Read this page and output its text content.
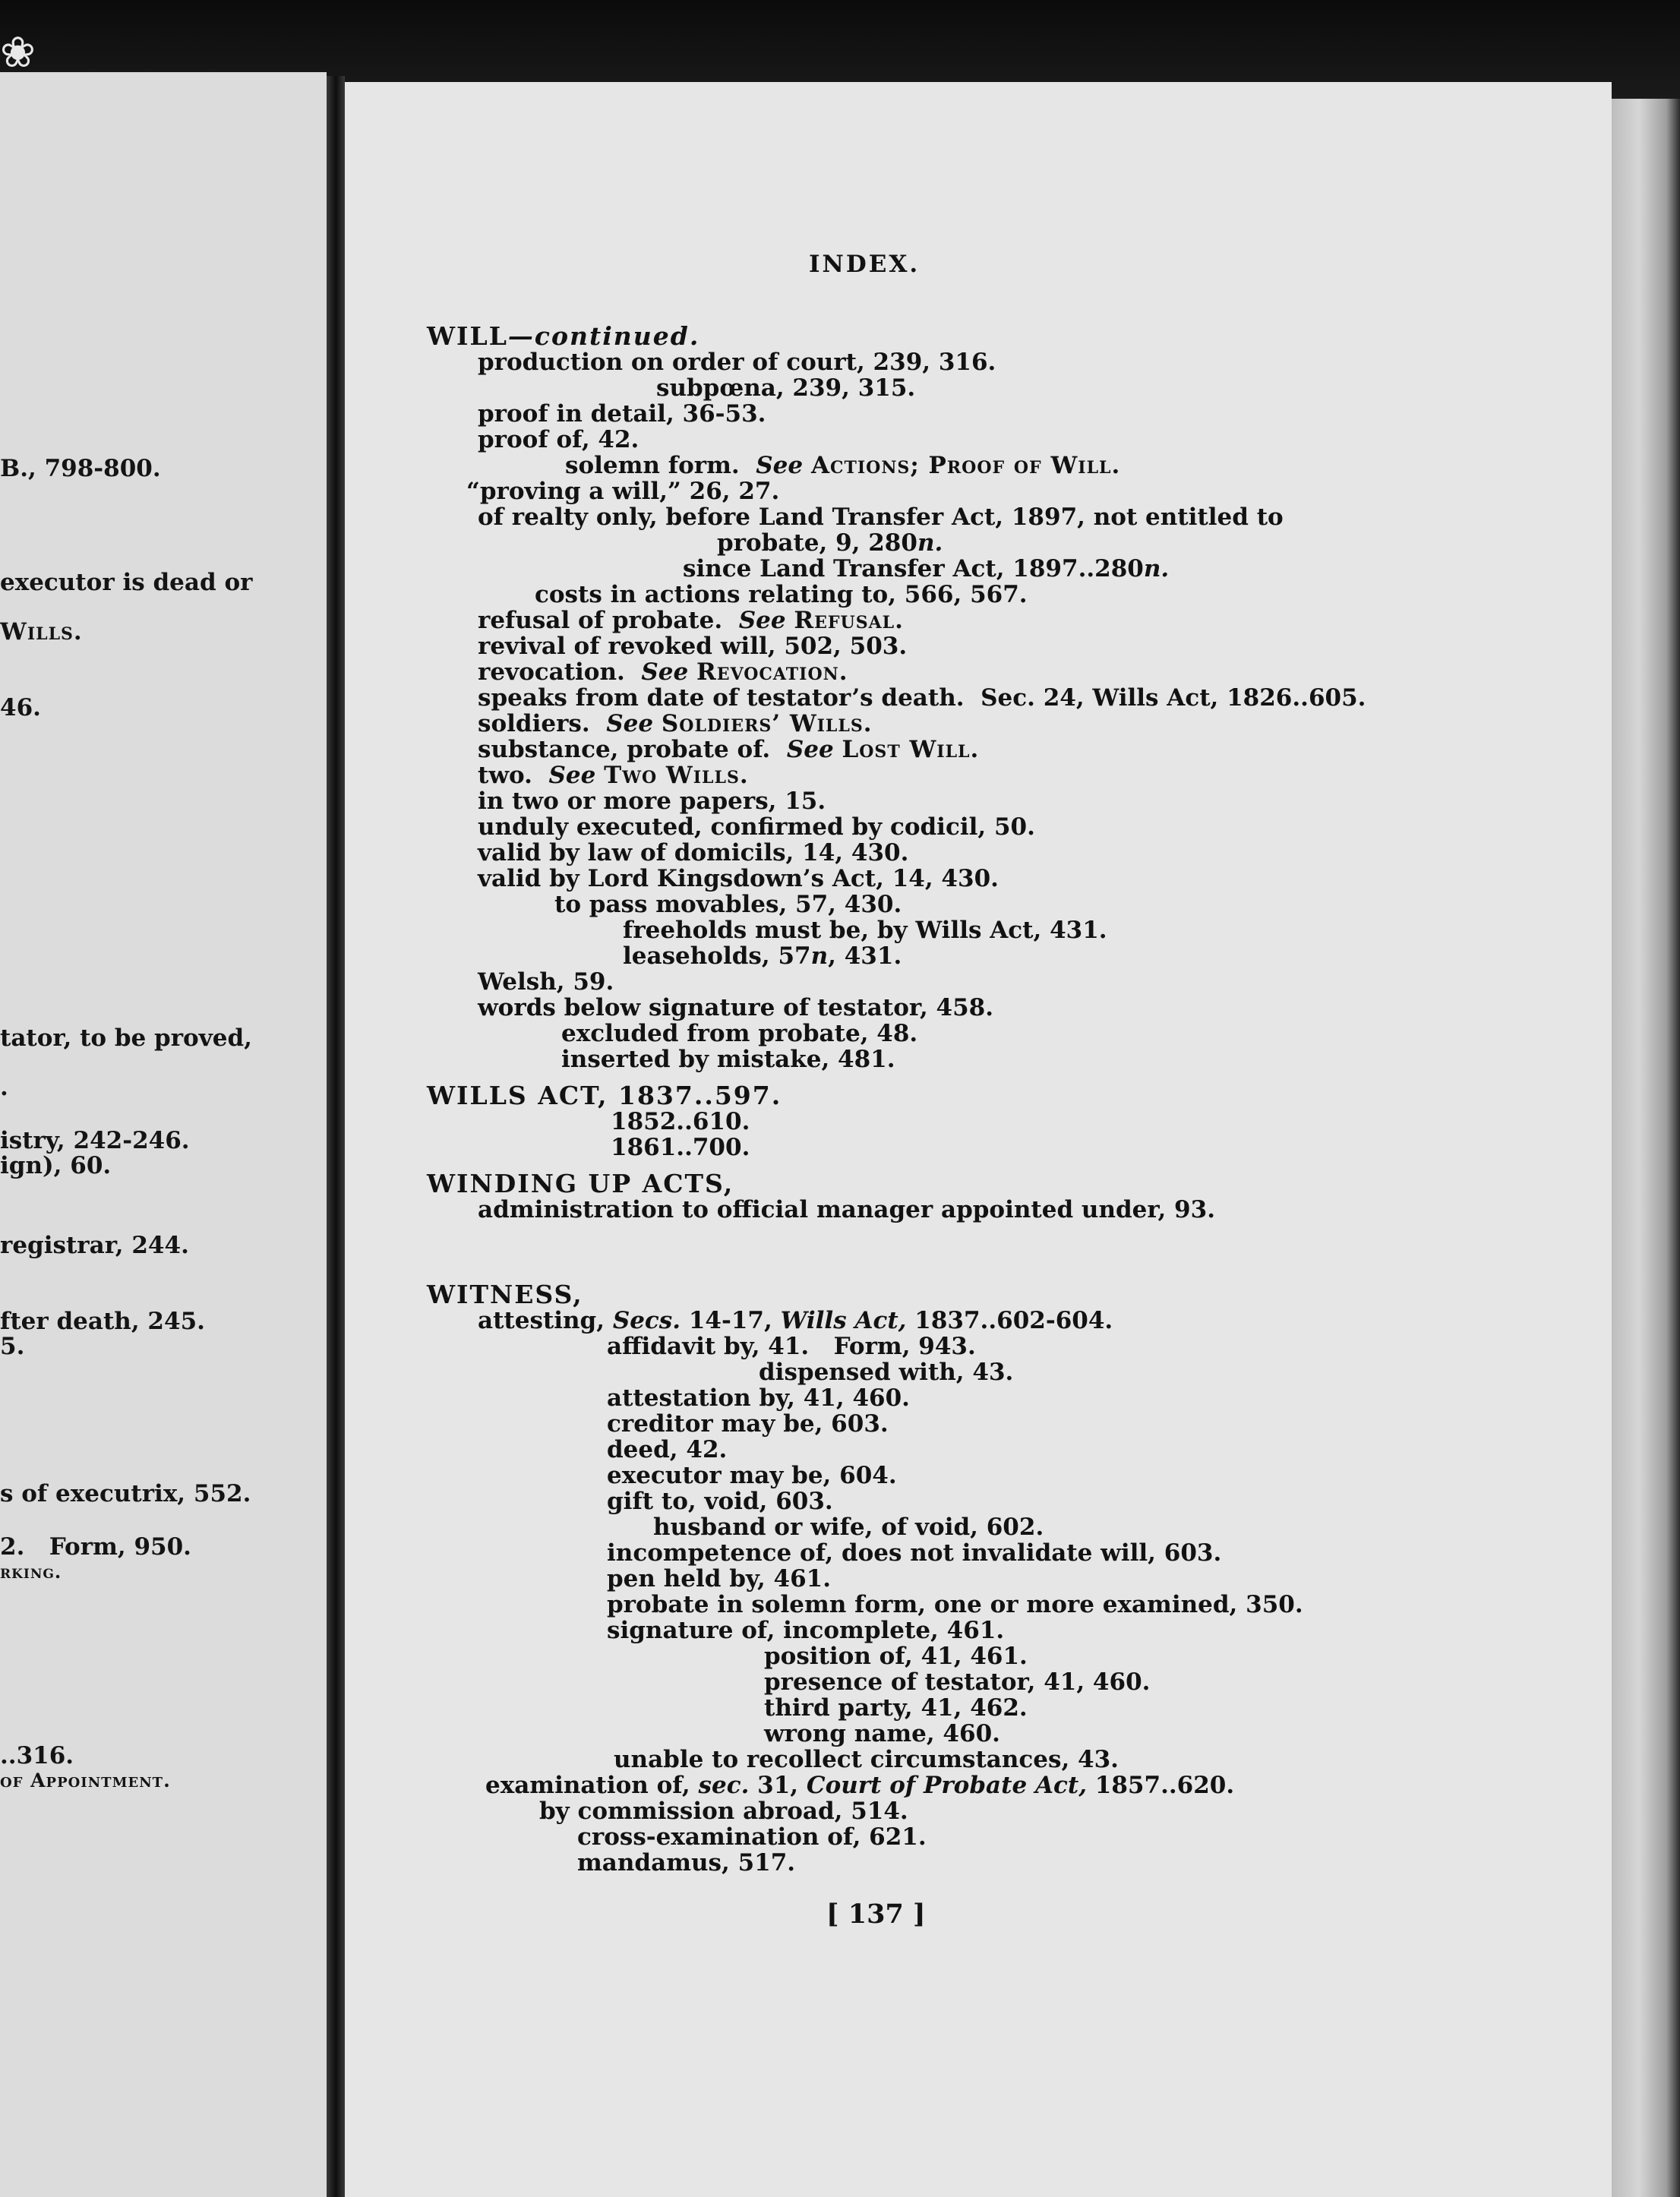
B., 798-800.
executor is dead or
Wills.
46.
tator, to be proved,
.
istry, 242-246.
ign), 60.
registrar, 244.
fter death, 245.
5.
s of executrix, 552.
2.   Form, 950.
rking.
..316.
of Appointment.
❀
INDEX.
WILL—continued.
production on order of court, 239, 316.
subpœna, 239, 315.
proof in detail, 36-53.
proof of, 42.
solemn form. See Actions; Proof of Will.
“proving a will,” 26, 27.
of realty only, before Land Transfer Act, 1897, not entitled to
probate, 9, 280n.
since Land Transfer Act, 1897..280n.
costs in actions relating to, 566, 567.
refusal of probate. See Refusal.
revival of revoked will, 502, 503.
revocation. See Revocation.
speaks from date of testator’s death.  Sec. 24, Wills Act, 1826..605.
soldiers. See Soldiers’ Wills.
substance, probate of. See Lost Will.
two. See Two Wills.
in two or more papers, 15.
unduly executed, confirmed by codicil, 50.
valid by law of domicils, 14, 430.
valid by Lord Kingsdown’s Act, 14, 430.
to pass movables, 57, 430.
freeholds must be, by Wills Act, 431.
leaseholds, 57n, 431.
Welsh, 59.
words below signature of testator, 458.
excluded from probate, 48.
inserted by mistake, 481.
WILLS ACT, 1837..597.
1852..610.
1861..700.
WINDING UP ACTS,
administration to official manager appointed under, 93.
WITNESS,
attesting, Secs. 14-17, Wills Act, 1837..602-604.
affidavit by, 41.   Form, 943.
dispensed with, 43.
attestation by, 41, 460.
creditor may be, 603.
deed, 42.
executor may be, 604.
gift to, void, 603.
husband or wife, of void, 602.
incompetence of, does not invalidate will, 603.
pen held by, 461.
probate in solemn form, one or more examined, 350.
signature of, incomplete, 461.
position of, 41, 461.
presence of testator, 41, 460.
third party, 41, 462.
wrong name, 460.
unable to recollect circumstances, 43.
examination of, sec. 31, Court of Probate Act, 1857..620.
by commission abroad, 514.
cross-examination of, 621.
mandamus, 517.
[ 137 ]
